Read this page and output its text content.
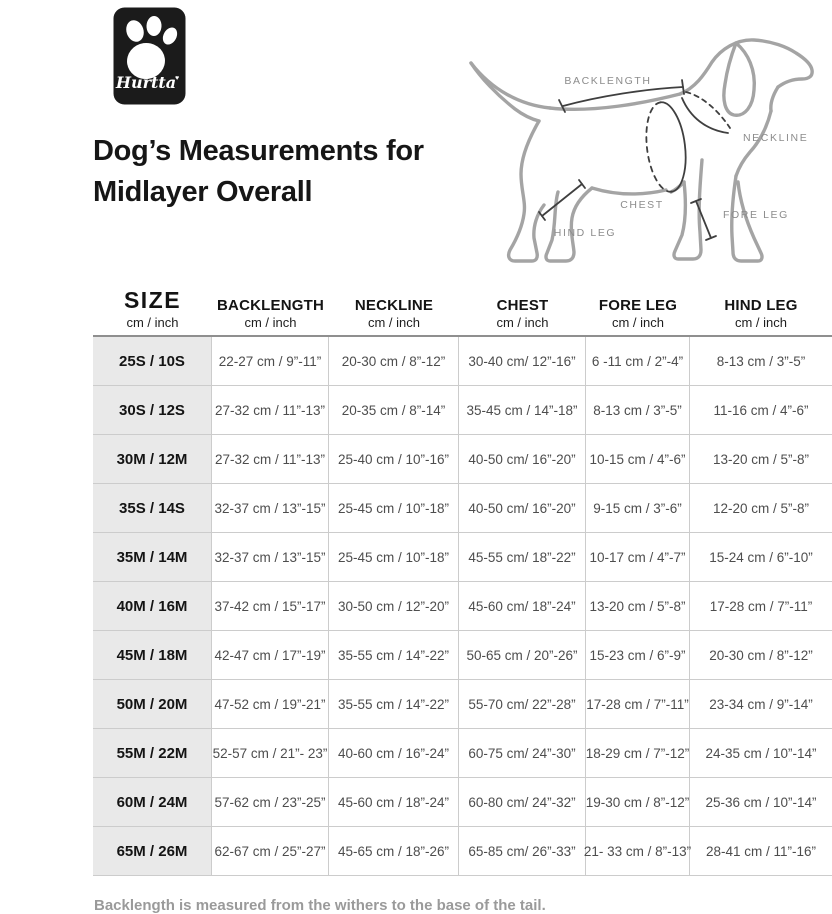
Hurtta
♥
Dog’s Measurements for
Midlayer Overall
BACKLENGTH
NECKLINE
CHEST
FORE LEG
HIND LEG
SIZE
cm / inch
BACKLENGTH
cm / inch
NECKLINE
cm / inch
CHEST
cm / inch
FORE LEG
cm / inch
HIND LEG
cm / inch
25S / 10S	22-27 cm / 9”-11”	20-30 cm / 8”-12”	30-40 cm/ 12”-16”	6 -11 cm / 2”-4”	8-13 cm / 3”-5”
30S / 12S	27-32 cm / 11”-13”	20-35 cm / 8”-14”	35-45 cm / 14”-18”	8-13 cm / 3”-5”	11-16 cm / 4”-6”
30M / 12M	27-32 cm / 11”-13” 25-40 cm / 10”-16”	40-50 cm/ 16”-20”	10-15 cm / 4”-6”	13-20 cm / 5”-8”
35S / 14S	32-37 cm / 13”-15” 25-45 cm / 10”-18”	40-50 cm/ 16”-20”	9-15 cm / 3”-6”	12-20 cm / 5”-8”
35M / 14M	32-37 cm / 13”-15” 25-45 cm / 10”-18”	45-55 cm/ 18”-22”	10-17 cm / 4”-7”	15-24 cm / 6”-10”
40M / 16M	37-42 cm / 15”-17” 30-50 cm / 12”-20”	45-60 cm/ 18”-24”	13-20 cm / 5”-8”	17-28 cm / 7”-11”
45M / 18M	42-47 cm / 17”-19” 35-55 cm / 14”-22”	50-65 cm / 20”-26” 15-23 cm / 6”-9”	20-30 cm / 8”-12”
50M / 20M	47-52 cm / 19”-21” 35-55 cm / 14”-22”	55-70 cm/ 22”-28” 17-28 cm / 7”-11”	23-34 cm / 9”-14”
55M / 22M	52-57 cm / 21”- 23” 40-60 cm / 16”-24”	60-75 cm/ 24”-30” 18-29 cm / 7”-12”	24-35 cm / 10”-14”
60M / 24M	57-62 cm / 23”-25” 45-60 cm / 18”-24”	60-80 cm/ 24”-32” 19-30 cm / 8”-12”	25-36 cm / 10”-14”
65M / 26M	62-67 cm / 25”-27” 45-65 cm / 18”-26”	65-85 cm/ 26”-33” 21- 33 cm / 8”-13”	28-41 cm / 11”-16”
Backlength is measured from the withers to the base of the tail.
